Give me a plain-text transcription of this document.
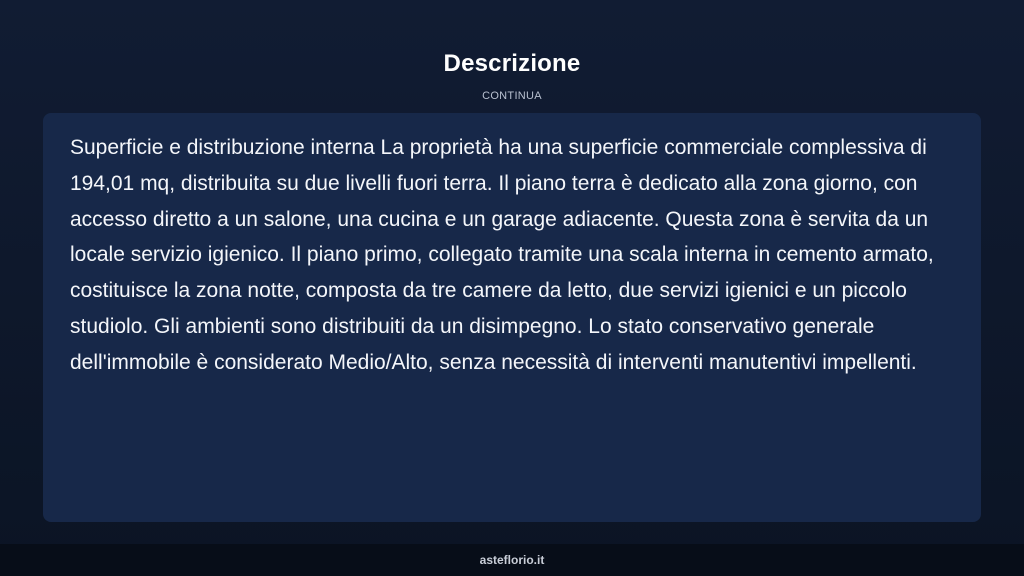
Descrizione
CONTINUA

Superficie e distribuzione interna La proprietà ha una superficie commerciale complessiva di 194,01 mq, distribuita su due livelli fuori terra. Il piano terra è dedicato alla zona giorno, con accesso diretto a un salone, una cucina e un garage adiacente. Questa zona è servita da un locale servizio igienico. Il piano primo, collegato tramite una scala interna in cemento armato, costituisce la zona notte, composta da tre camere da letto, due servizi igienici e un piccolo studiolo. Gli ambienti sono distribuiti da un disimpegno. Lo stato conservativo generale dell'immobile è considerato Medio/Alto, senza necessità di interventi manutentivi impellenti.

asteflorio.it
